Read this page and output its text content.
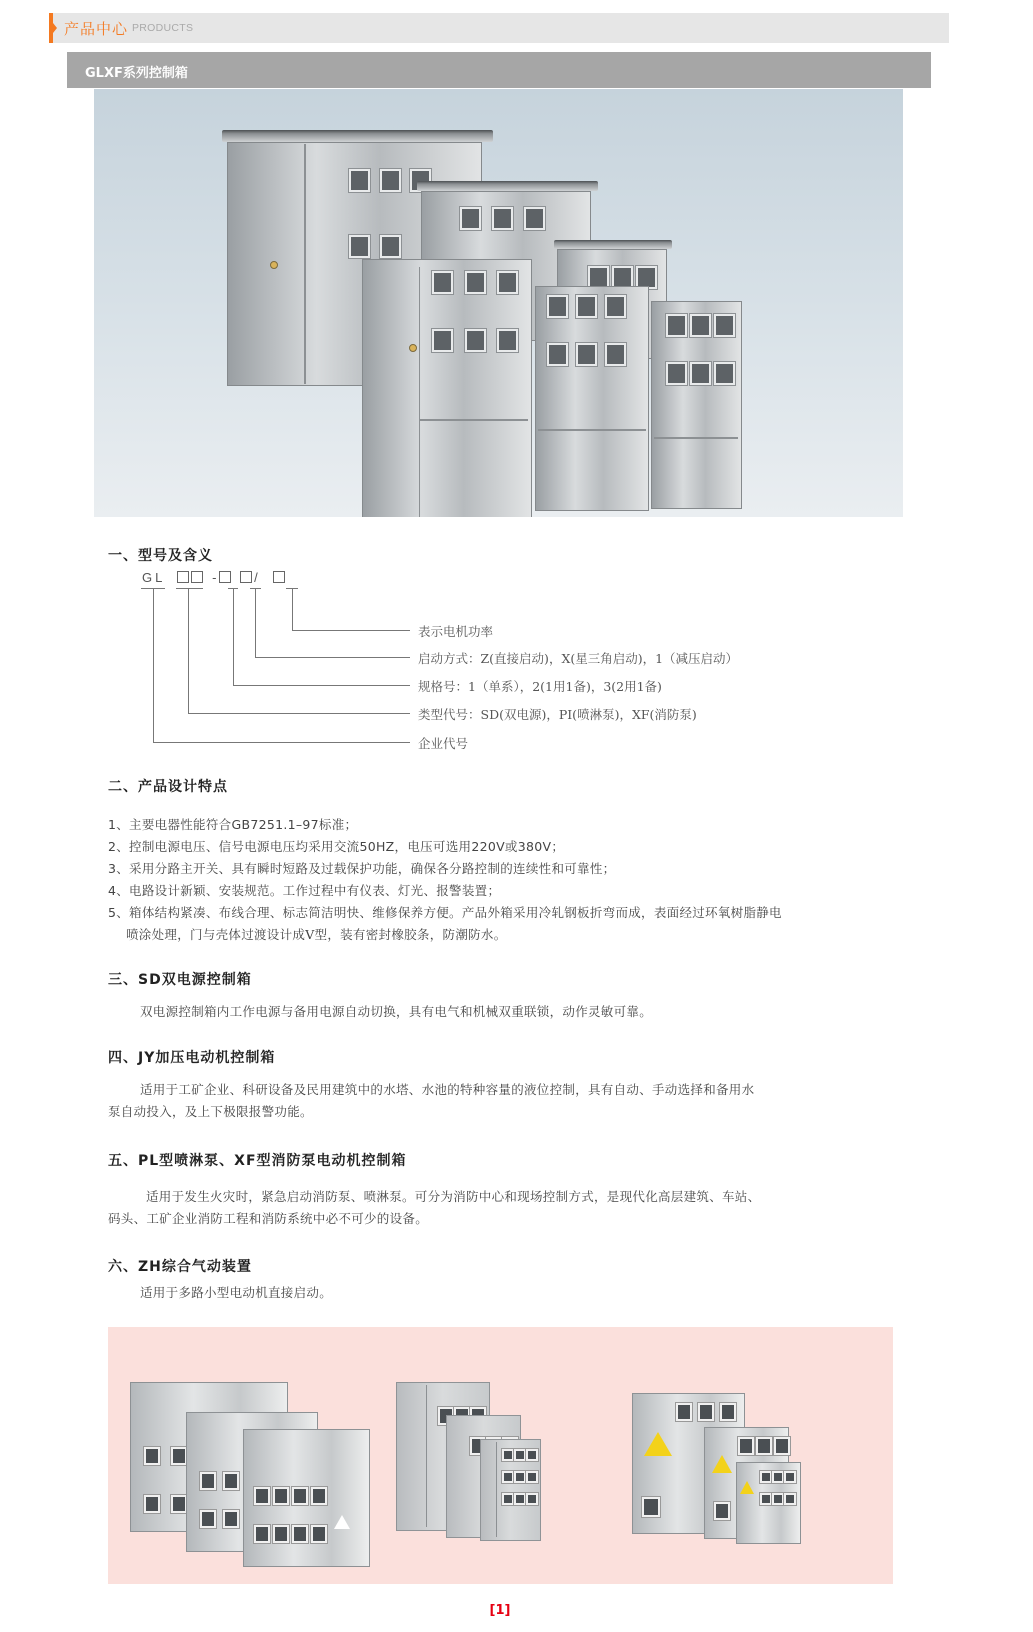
产品中心 PRODUCTS
GLXF系列控制箱
一、型号及含义
GL	-	/
表示电机功率
启动方式：Z(直接启动)，X(星三角启动)，1（减压启动）
规格号：1（单系），2(1用1备)，3(2用1备)
类型代号：SD(双电源)，PI(喷淋泵)，XF(消防泵)
企业代号
二、产品设计特点
1、主要电器性能符合GB7251.1–97标准；
2、控制电源电压、信号电源电压均采用交流50HZ，电压可选用220V或380V；
3、采用分路主开关、具有瞬时短路及过载保护功能，确保各分路控制的连续性和可靠性；
4、电路设计新颖、安装规范。工作过程中有仪表、灯光、报警装置；
5、箱体结构紧凑、布线合理、标志简洁明快、维修保养方便。产品外箱采用冷轧钢板折弯而成，表面经过环氧树脂静电
喷涂处理，门与壳体过渡设计成V型，装有密封橡胶条，防潮防水。
三、SD双电源控制箱
双电源控制箱内工作电源与备用电源自动切换，具有电气和机械双重联锁，动作灵敏可靠。
四、JY加压电动机控制箱
适用于工矿企业、科研设备及民用建筑中的水塔、水池的特种容量的液位控制，具有自动、手动选择和备用水
泵自动投入，及上下极限报警功能。
五、PL型喷淋泵、XF型消防泵电动机控制箱
适用于发生火灾时，紧急启动消防泵、喷淋泵。可分为消防中心和现场控制方式，是现代化高层建筑、车站、
码头、工矿企业消防工程和消防系统中必不可少的设备。
六、ZH综合气动装置
适用于多路小型电动机直接启动。
[1]
